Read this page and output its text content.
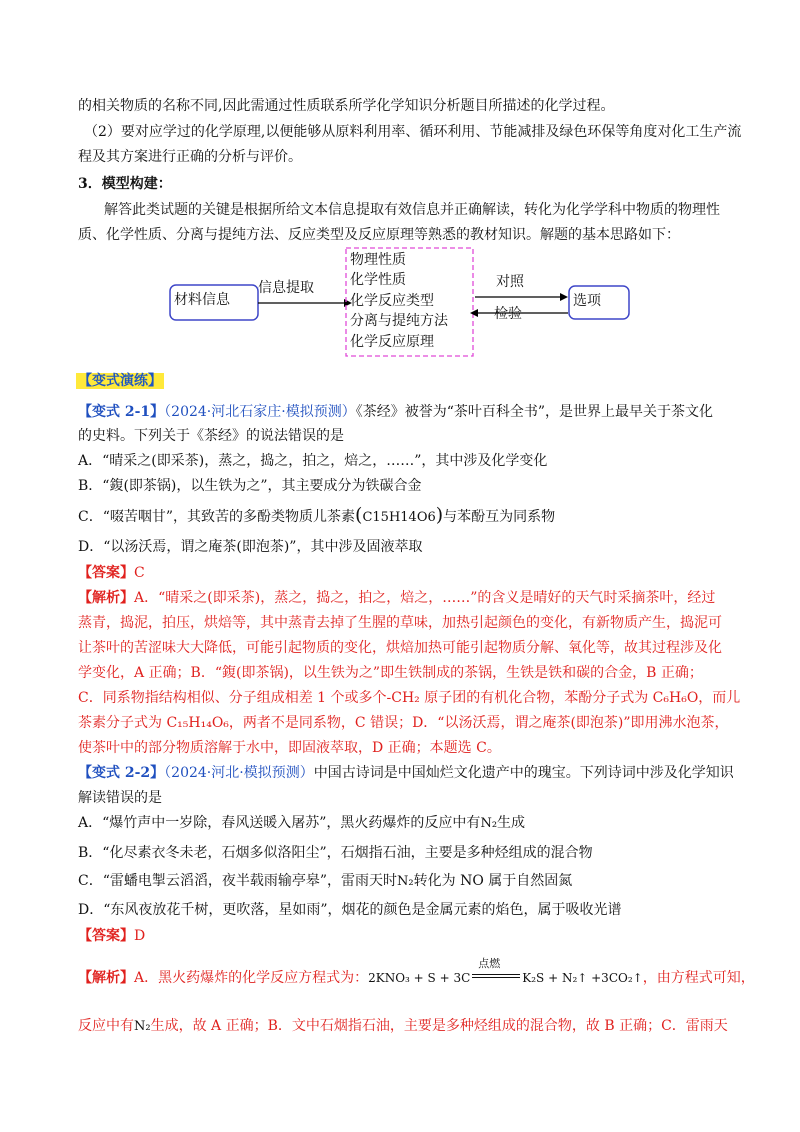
的相关物质的名称不同,因此需通过性质联系所学化学知识分析题目所描述的化学过程。
（2）要对应学过的化学原理,以便能够从原料利用率、循环利用、节能减排及绿色环保等角度对化工生产流
程及其方案进行正确的分析与评价。
3．模型构建：
解答此类试题的关键是根据所给文本信息提取有效信息并正确解读，转化为化学学科中物质的物理性
质、化学性质、分离与提纯方法、反应类型及反应原理等熟悉的教材知识。解题的基本思路如下：
材料信息
信息提取
物理性质
化学性质
化学反应类型
分离与提纯方法
化学反应原理
对照
检验
选项
【变式演练】
【变式 2-1】（2024·河北石家庄·模拟预测）《茶经》被誉为“茶叶百科全书”，是世界上最早关于茶文化
的史料。下列关于《茶经》的说法错误的是
A．“晴采之(即采茶)，蒸之，捣之，拍之，焙之，……”，其中涉及化学变化
B．“鍑(即茶锅)，以生铁为之”，其主要成分为铁碳合金
C．“啜苦咽甘”，其致苦的多酚类物质儿茶素(C15H14O6)与苯酚互为同系物
D．“以汤沃焉，谓之庵茶(即泡茶)”，其中涉及固液萃取
【答案】C
【解析】A．“晴采之(即采茶)，蒸之，捣之，拍之，焙之，……”的含义是晴好的天气时采摘茶叶，经过
蒸青，捣泥，拍压，烘焙等，其中蒸青去掉了生腥的草味，加热引起颜色的变化，有新物质产生，捣泥可
让茶叶的苦涩味大大降低，可能引起物质的变化，烘焙加热可能引起物质分解、氧化等，故其过程涉及化
学变化，A 正确；B．“鍑(即茶锅)，以生铁为之”即生铁制成的茶锅，生铁是铁和碳的合金，B 正确；
C．同系物指结构相似、分子组成相差 1 个或多个-CH₂ 原子团的有机化合物，苯酚分子式为 C₆H₆O，而儿
茶素分子式为 C₁₅H₁₄O₆，两者不是同系物，C 错误；D．“以汤沃焉，谓之庵茶(即泡茶)”即用沸水泡茶，
使茶叶中的部分物质溶解于水中，即固液萃取，D 正确；本题选 C。
【变式 2-2】（2024·河北·模拟预测）中国古诗词是中国灿烂文化遗产中的瑰宝。下列诗词中涉及化学知识
解读错误的是
A．“爆竹声中一岁除，春风送暖入屠苏”，黑火药爆炸的反应中有N₂生成
B．“化尽素衣冬未老，石烟多似洛阳尘”，石烟指石油，主要是多种烃组成的混合物
C．“雷蟠电掣云滔滔，夜半载雨输亭皋”，雷雨天时N₂转化为 NO 属于自然固氮
D．“东风夜放花千树，更吹落，星如雨”，烟花的颜色是金属元素的焰色，属于吸收光谱
【答案】D
【解析】A．黑火药爆炸的化学反应方程式为：2KNO₃ + S + 3C
点燃
K₂S + N₂↑ +3CO₂↑，由方程式可知，
反应中有N₂生成，故 A 正确；B．文中石烟指石油，主要是多种烃组成的混合物，故 B 正确；C．雷雨天
